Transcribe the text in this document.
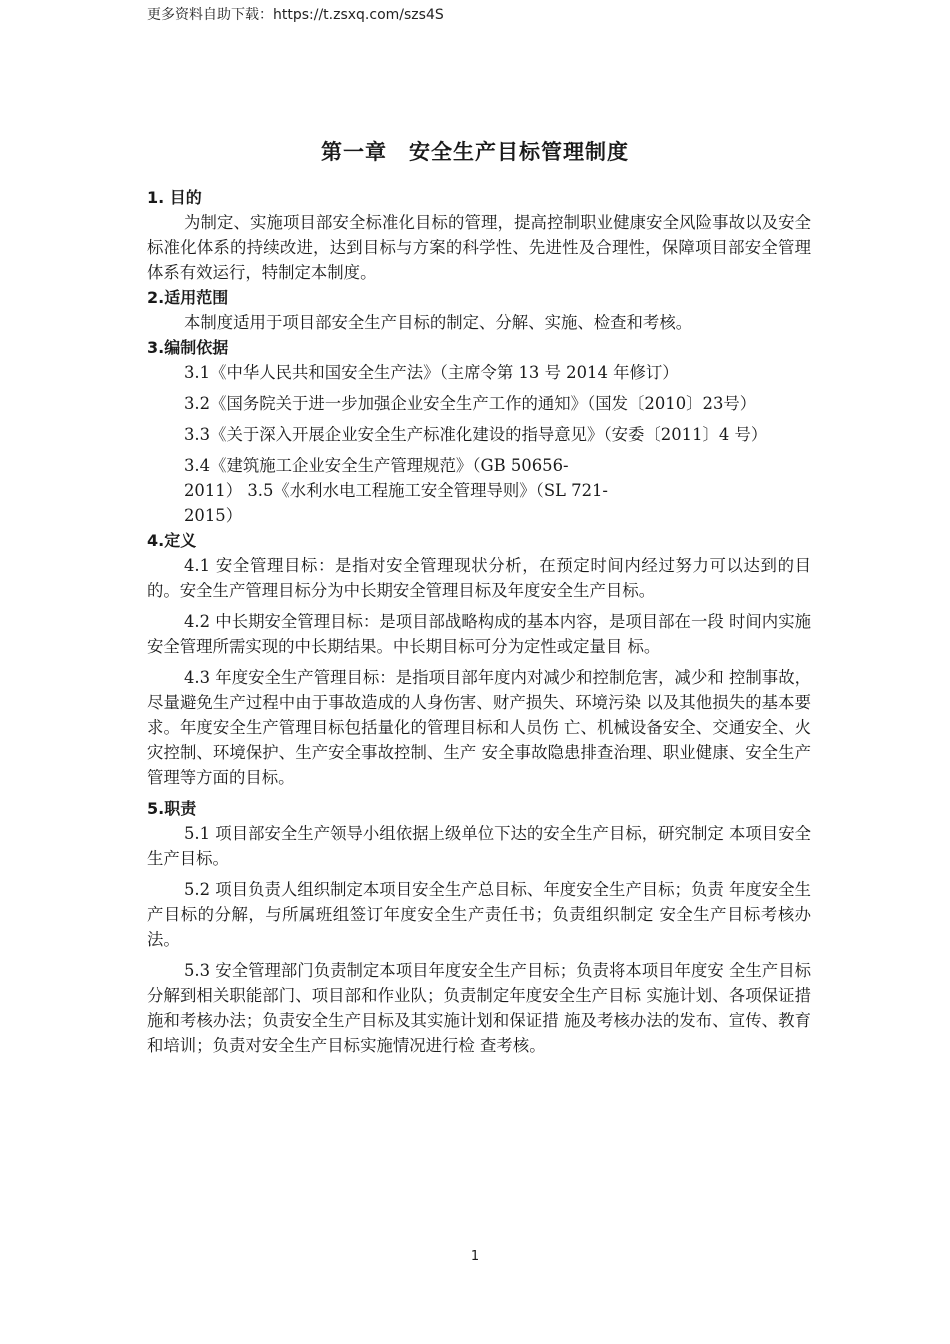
更多资料自助下载：https://t.zsxq.com/szs4S
第一章　安全生产目标管理制度

1. 目的

为制定、实施项目部安全标准化目标的管理，提高控制职业健康安全风险事故以及安全标准化体系的持续改进，达到目标与方案的科学性、先进性及合理性，保障项目部安全管理体系有效运行，特制定本制度。

2.适用范围

本制度适用于项目部安全生产目标的制定、分解、实施、检查和考核。

3.编制依据

3.1《中华人民共和国安全生产法》（主席令第 13 号 2014 年修订）

3.2《国务院关于进一步加强企业安全生产工作的通知》（国发〔2010〕23号）

3.3《关于深入开展企业安全生产标准化建设的指导意见》（安委〔2011〕4 号）

3.4《建筑施工企业安全生产管理规范》（GB 50656-

2011） 3.5《水利水电工程施工安全管理导则》（SL 721-

2015）

4.定义

4.1 安全管理目标：是指对安全管理现状分析，在预定时间内经过努力可以达到的目的。安全生产管理目标分为中长期安全管理目标及年度安全生产目标。

4.2 中长期安全管理目标：是项目部战略构成的基本内容，是项目部在一段 时间内实施安全管理所需实现的中长期结果。中长期目标可分为定性或定量目 标。

4.3 年度安全生产管理目标：是指项目部年度内对减少和控制危害，减少和 控制事故，尽量避免生产过程中由于事故造成的人身伤害、财产损失、环境污染 以及其他损失的基本要求。年度安全生产管理目标包括量化的管理目标和人员伤 亡、机械设备安全、交通安全、火灾控制、环境保护、生产安全事故控制、生产 安全事故隐患排查治理、职业健康、安全生产管理等方面的目标。

5.职责

5.1 项目部安全生产领导小组依据上级单位下达的安全生产目标，研究制定 本项目安全生产目标。

5.2 项目负责人组织制定本项目安全生产总目标、年度安全生产目标；负责 年度安全生产目标的分解，与所属班组签订年度安全生产责任书；负责组织制定 安全生产目标考核办法。

5.3 安全管理部门负责制定本项目年度安全生产目标；负责将本项目年度安 全生产目标分解到相关职能部门、项目部和作业队；负责制定年度安全生产目标 实施计划、各项保证措施和考核办法；负责安全生产目标及其实施计划和保证措 施及考核办法的发布、宣传、教育和培训；负责对安全生产目标实施情况进行检 查考核。

1
